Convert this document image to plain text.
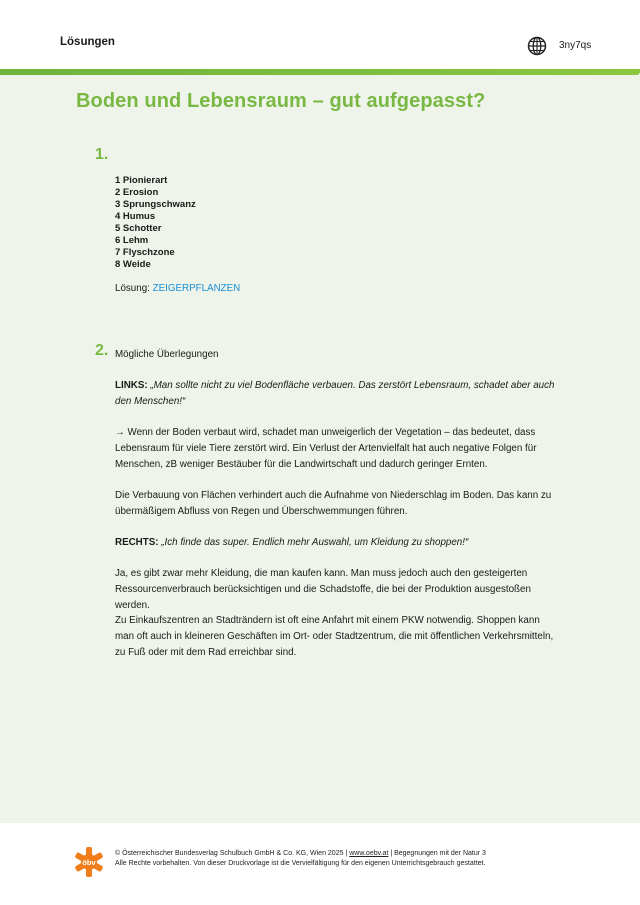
Lösungen	3ny7qs
Boden und Lebensraum – gut aufgepasst?
1.
1 Pionierart
2 Erosion
3 Sprungschwanz
4 Humus
5 Schotter
6 Lehm
7 Flyschzone
8 Weide
Lösung: ZEIGERPFLANZEN
2. Mögliche Überlegungen
LINKS: „Man sollte nicht zu viel Bodenfläche verbauen. Das zerstört Lebensraum, schadet aber auch den Menschen!“
→ Wenn der Boden verbaut wird, schadet man unweigerlich der Vegetation – das bedeutet, dass Lebensraum für viele Tiere zerstört wird. Ein Verlust der Artenvielfalt hat auch negative Folgen für Menschen, zB weniger Bestäuber für die Landwirtschaft und dadurch geringer Ernten.
Die Verbauung von Flächen verhindert auch die Aufnahme von Niederschlag im Boden. Das kann zu übermäßigem Abfluss von Regen und Überschwemmungen führen.
RECHTS: „Ich finde das super. Endlich mehr Auswahl, um Kleidung zu shoppen!“
Ja, es gibt zwar mehr Kleidung, die man kaufen kann. Man muss jedoch auch den gesteigerten Ressourcenverbrauch berücksichtigen und die Schadstoffe, die bei der Produktion ausgestoßen werden.
Zu Einkaufszentren an Stadträndern ist oft eine Anfahrt mit einem PKW notwendig. Shoppen kann man oft auch in kleineren Geschäften im Ort- oder Stadtzentrum, die mit öffentlichen Verkehrsmitteln, zu Fuß oder mit dem Rad erreichbar sind.
öbv
© Österreichischer Bundesverlag Schulbuch GmbH & Co. KG, Wien 2025 | www.oebv.at | Begegnungen mit der Natur 3
Alle Rechte vorbehalten. Von dieser Druckvorlage ist die Vervielfältigung für den eigenen Unterrichtsgebrauch gestattet.
